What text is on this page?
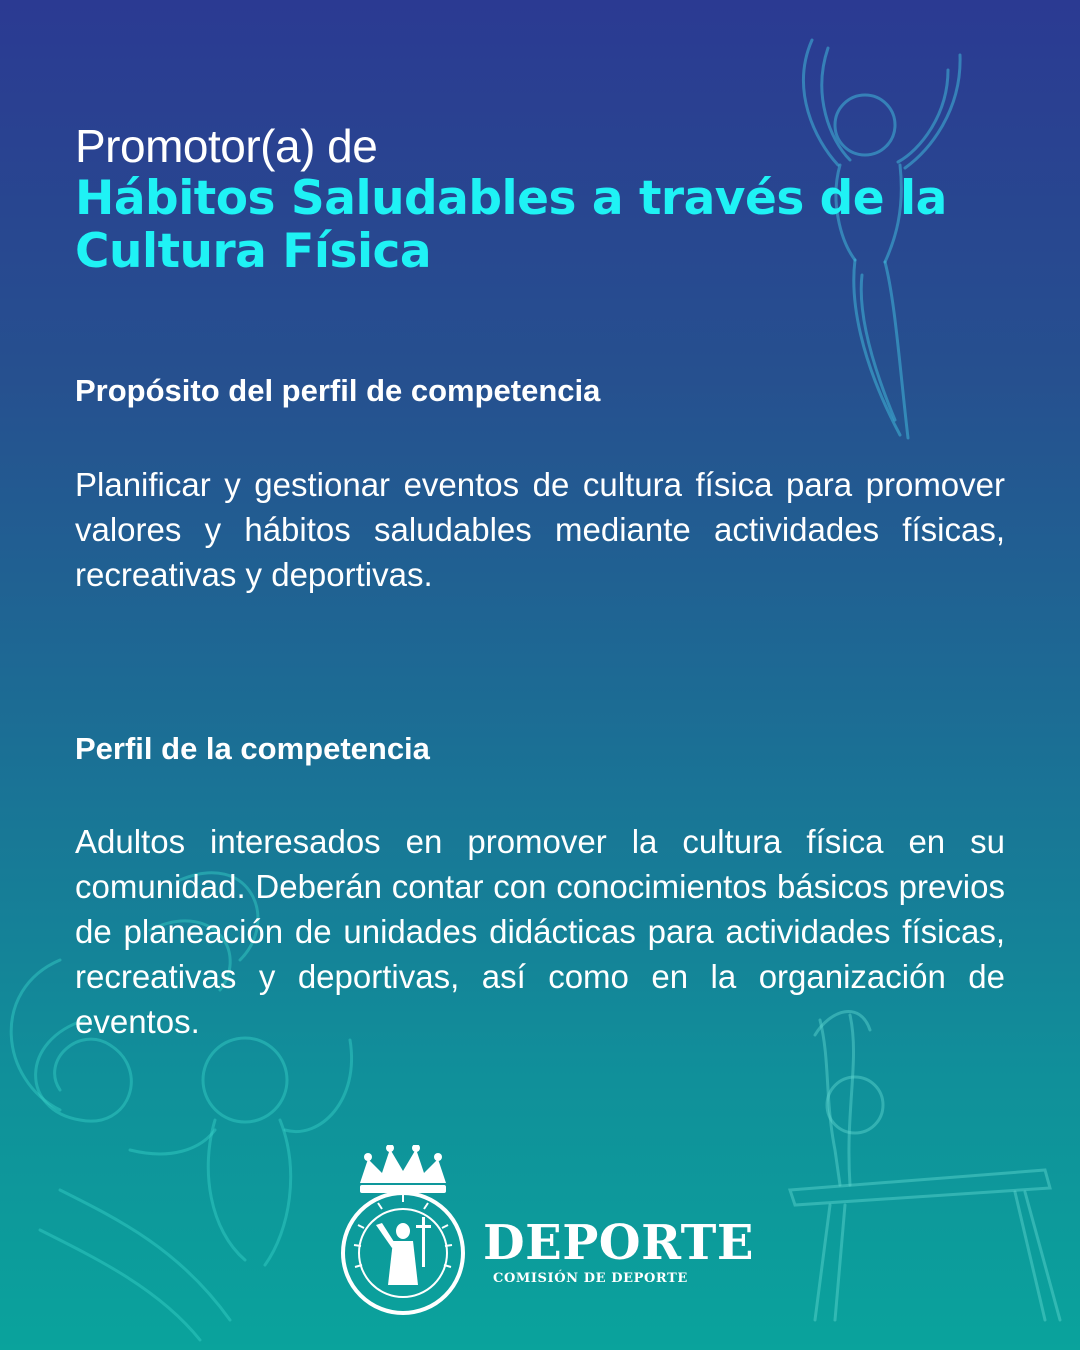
Promotor(a) de
Hábitos Saludables a través de la Cultura Física
Propósito del perfil de competencia
Planificar y gestionar eventos de cultura física para promover valores y hábitos saludables mediante actividades físicas, recreativas y deportivas.
Perfil de la competencia
Adultos interesados en promover la cultura física en su comunidad. Deberán contar con conocimientos básicos previos de planeación de unidades didácticas para actividades físicas, recreativas y deportivas, así como en la organización de eventos.
DEPORTE
COMISIÓN DE DEPORTE
